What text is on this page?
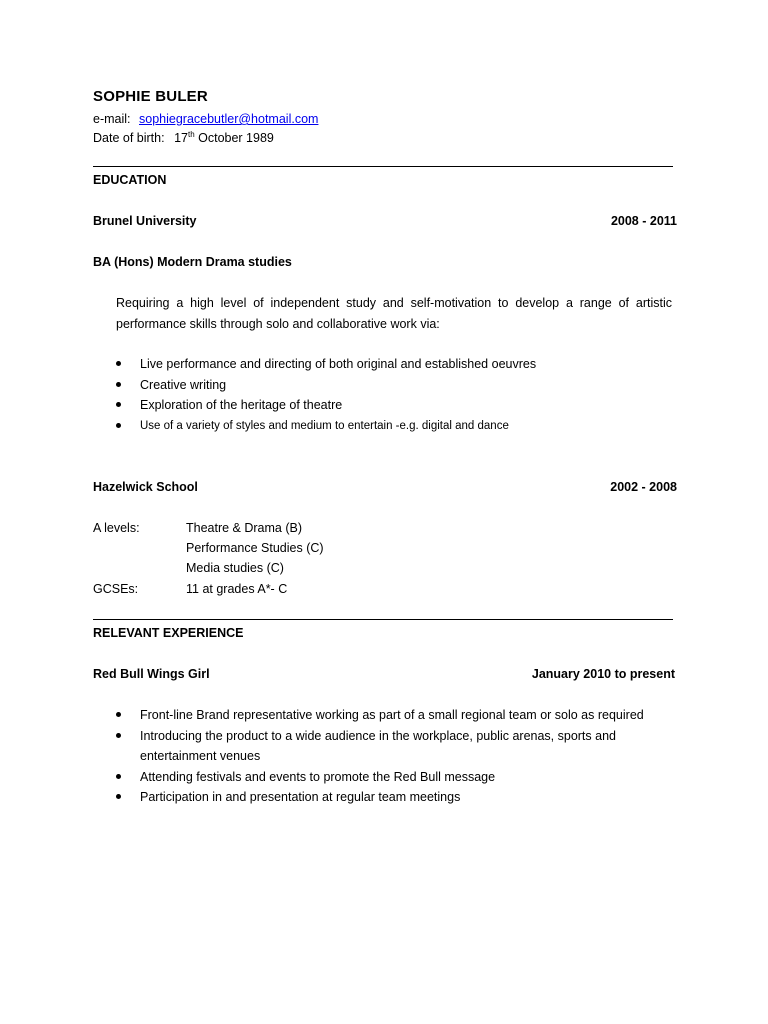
SOPHIE BULER
e-mail: sophiegracebutler@hotmail.com
Date of birth: 17th October 1989
EDUCATION
Brunel University	2008 - 2011
BA (Hons) Modern Drama studies
Requiring a high level of independent study and self-motivation to develop a range of artistic performance skills through solo and collaborative work via:
Live performance and directing of both original and established oeuvres
Creative writing
Exploration of the heritage of theatre
Use of a variety of styles and medium to entertain -e.g. digital and dance
Hazelwick School	2002 - 2008
A levels:	Theatre & Drama (B)
Performance Studies (C)
Media studies (C)
GCSEs:	11 at grades A*- C
RELEVANT EXPERIENCE
Red Bull Wings Girl	January 2010 to present
Front-line Brand representative working as part of a small regional team or solo as required
Introducing the product to a wide audience in the workplace, public arenas, sports and entertainment venues
Attending festivals and events to promote the Red Bull message
Participation in and presentation at regular team meetings
